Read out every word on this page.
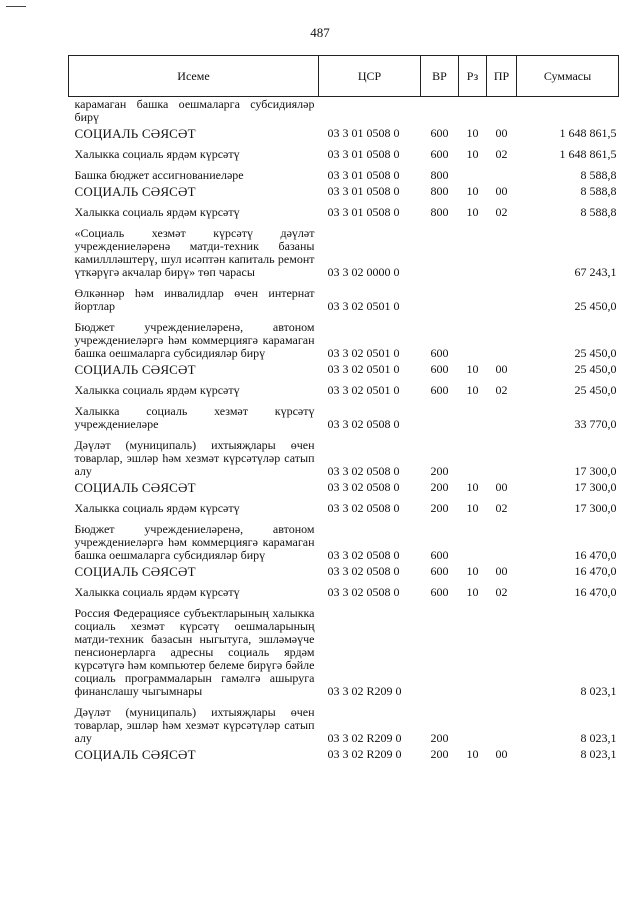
487
Исеме	ЦСР	ВР	Рз	ПР	Суммасы
карамаган башка оешмаларга субсидияләр бирү					
СОЦИАЛЬ СӘЯСӘТ	03 3 01 0508 0	600	10	00	1 648 861,5
Халыкка социаль ярдәм күрсәтү	03 3 01 0508 0	600	10	02	1 648 861,5
Башка бюджет ассигнованиеләре	03 3 01 0508 0	800			8 588,8
СОЦИАЛЬ СӘЯСӘТ	03 3 01 0508 0	800	10	00	8 588,8
Халыкка социаль ярдәм күрсәтү	03 3 01 0508 0	800	10	02	8 588,8
«Социаль хезмәт күрсәтү дәүләт учреждениеләренә матди-техник базаны камиллләштерү, шул исәптән капиталь ремонт үткәрүгә акчалар бирү» төп чарасы	03 3 02 0000 0				67 243,1
Өлкәннәр һәм инвалидлар өчен интернат йортлар	03 3 02 0501 0				25 450,0
Бюджет учреждениеләренә, автоном учреждениеләргә һәм коммерциягә карамаган башка оешмаларга субсидияләр бирү	03 3 02 0501 0	600			25 450,0
СОЦИАЛЬ СӘЯСӘТ	03 3 02 0501 0	600	10	00	25 450,0
Халыкка социаль ярдәм күрсәтү	03 3 02 0501 0	600	10	02	25 450,0
Халыкка социаль хезмәт күрсәтү учреждениеләре	03 3 02 0508 0				33 770,0
Дәүләт (муниципаль) ихтыяҗлары өчен товарлар, эшләр һәм хезмәт күрсәтүләр сатып алу	03 3 02 0508 0	200			17 300,0
СОЦИАЛЬ СӘЯСӘТ	03 3 02 0508 0	200	10	00	17 300,0
Халыкка социаль ярдәм күрсәтү	03 3 02 0508 0	200	10	02	17 300,0
Бюджет учреждениеләренә, автоном учреждениеләргә һәм коммерциягә карамаган башка оешмаларга субсидияләр бирү	03 3 02 0508 0	600			16 470,0
СОЦИАЛЬ СӘЯСӘТ	03 3 02 0508 0	600	10	00	16 470,0
Халыкка социаль ярдәм күрсәтү	03 3 02 0508 0	600	10	02	16 470,0
Россия Федерациясе субъектларының халыкка социаль хезмәт күрсәтү оешмаларының матди-техник базасын ныгытуга, эшләмәүче пенсионерларга адресны социаль ярдәм күрсәтүгә һәм компьютер белеме бирүгә бәйле социаль программаларын гамәлгә ашыруга финанслашу чыгымнары	03 3 02 R209 0				8 023,1
Дәүләт (муниципаль) ихтыяҗлары өчен товарлар, эшләр һәм хезмәт күрсәтүләр сатып алу	03 3 02 R209 0	200			8 023,1
СОЦИАЛЬ СӘЯСӘТ	03 3 02 R209 0	200	10	00	8 023,1
